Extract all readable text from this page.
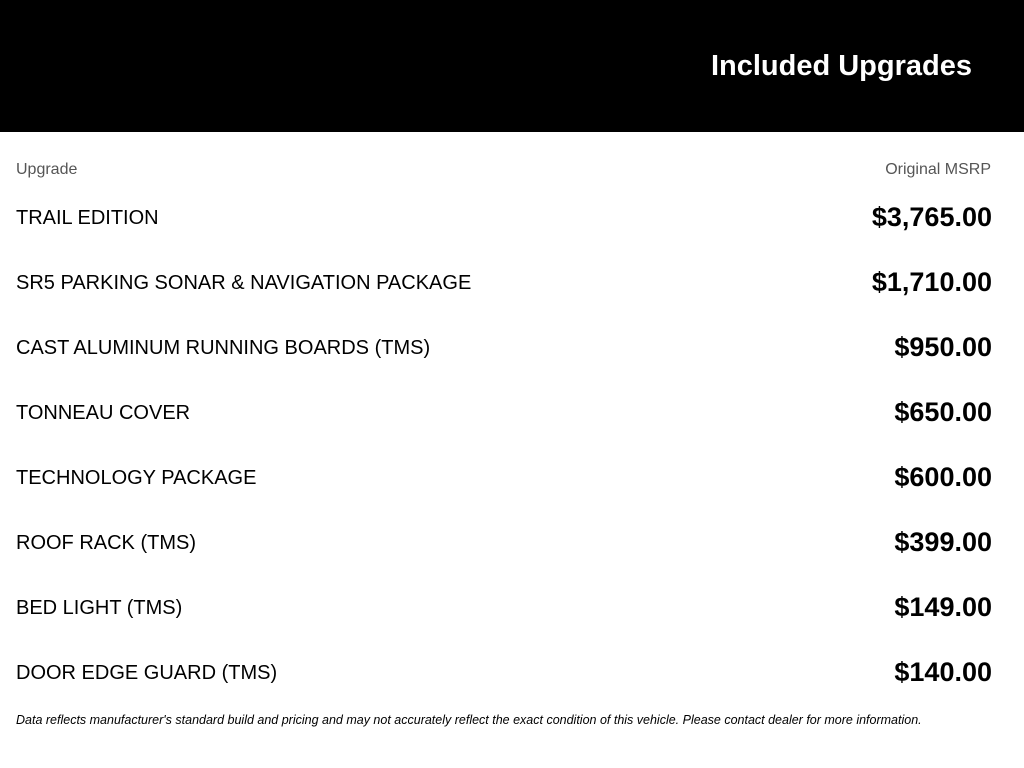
Included Upgrades
Upgrade	Original MSRP
TRAIL EDITION	$3,765.00
SR5 PARKING SONAR & NAVIGATION PACKAGE	$1,710.00
CAST ALUMINUM RUNNING BOARDS (TMS)	$950.00
TONNEAU COVER	$650.00
TECHNOLOGY PACKAGE	$600.00
ROOF RACK (TMS)	$399.00
BED LIGHT (TMS)	$149.00
DOOR EDGE GUARD (TMS)	$140.00
Data reflects manufacturer's standard build and pricing and may not accurately reflect the exact condition of this vehicle. Please contact dealer for more information.
